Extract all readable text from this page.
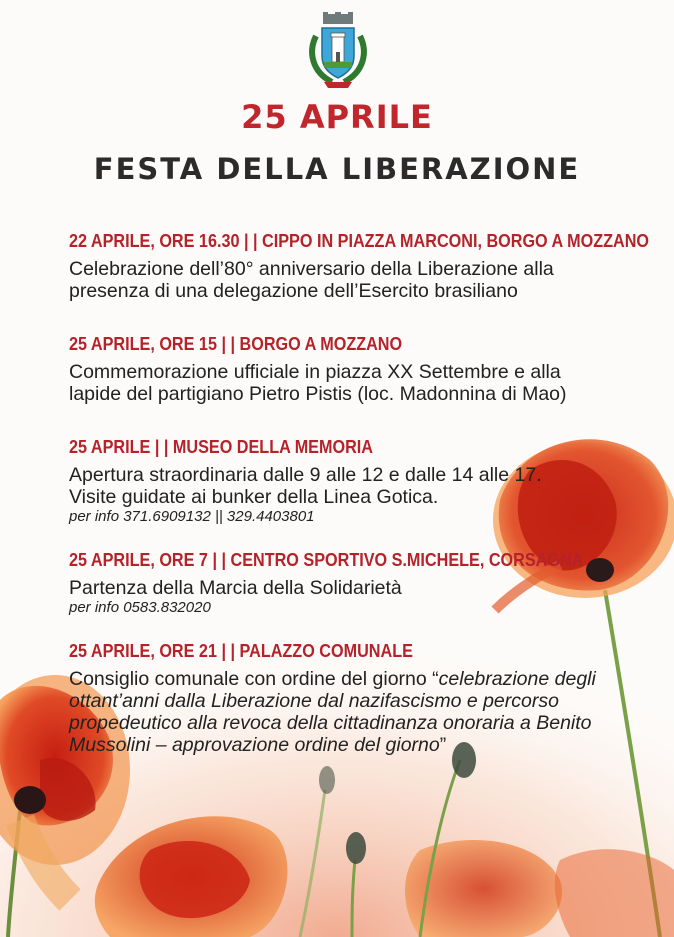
25 APRILE
FESTA DELLA LIBERAZIONE
22 APRILE, ORE 16.30 | | CIPPO IN PIAZZA MARCONI, BORGO A MOZZANO
Celebrazione dell’80° anniversario della Liberazione alla
presenza di una delegazione dell’Esercito brasiliano
25 APRILE, ORE 15 | | BORGO A MOZZANO
Commemorazione ufficiale in piazza XX Settembre e alla
lapide del partigiano Pietro Pistis (loc. Madonnina di Mao)
25 APRILE | | MUSEO DELLA MEMORIA
Apertura straordinaria dalle 9 alle 12 e dalle 14 alle 17.
Visite guidate ai bunker della Linea Gotica.
per info 371.6909132 || 329.4403801
25 APRILE, ORE 7 | | CENTRO SPORTIVO S.MICHELE, CORSAGNA
Partenza della Marcia della Solidarietà
per info 0583.832020
25 APRILE, ORE 21 | | PALAZZO COMUNALE
Consiglio comunale con ordine del giorno “celebrazione degli
ottant’anni dalla Liberazione dal nazifascismo e percorso
propedeutico alla revoca della cittadinanza onoraria a Benito
Mussolini – approvazione ordine del giorno”
